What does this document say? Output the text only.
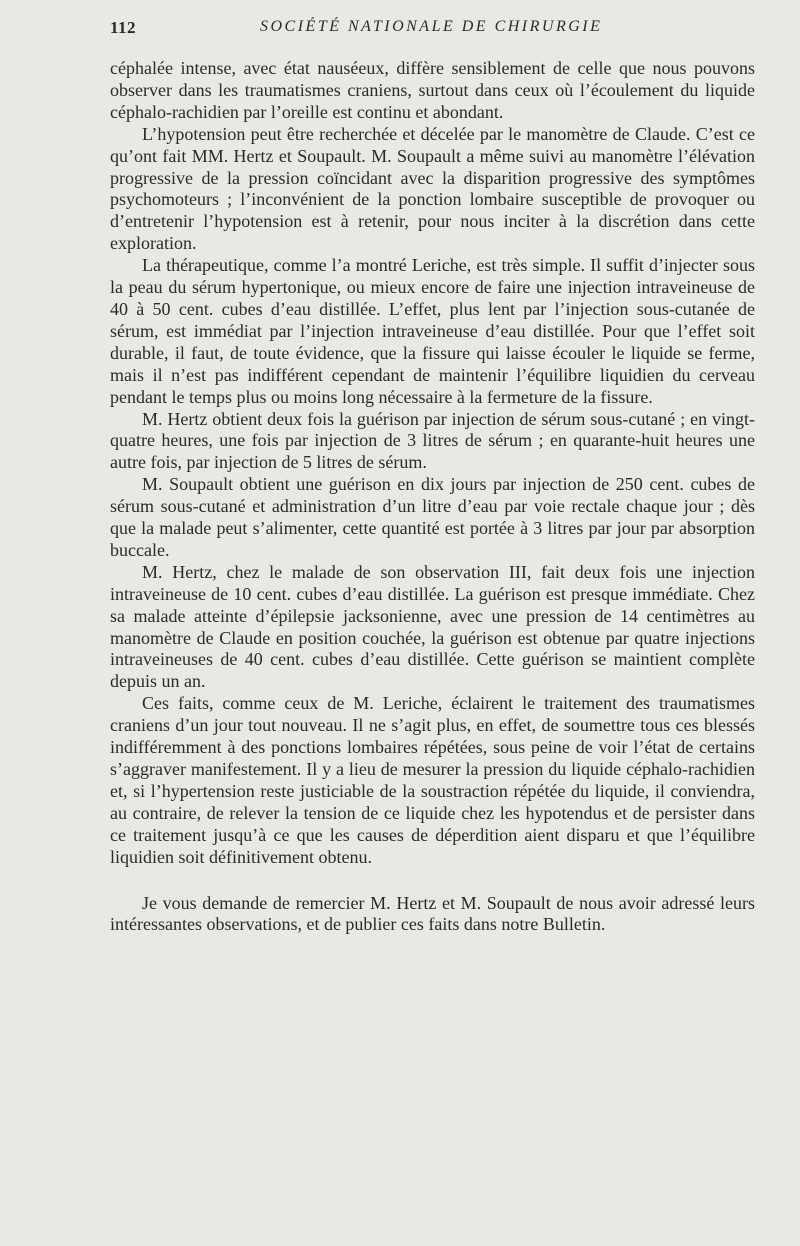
112	SOCIÉTÉ NATIONALE DE CHIRURGIE

céphalée intense, avec état nauséeux, diffère sensiblement de celle que nous pouvons observer dans les traumatismes craniens, surtout dans ceux où l’écoulement du liquide céphalo-rachidien par l’oreille est continu et abondant.

L’hypotension peut être recherchée et décelée par le manomètre de Claude. C’est ce qu’ont fait MM. Hertz et Soupault. M. Soupault a même suivi au manomètre l’élévation progressive de la pression coïncidant avec la disparition progressive des symptômes psychomoteurs ; l’inconvénient de la ponction lombaire susceptible de provoquer ou d’entretenir l’hypotension est à retenir, pour nous inciter à la discrétion dans cette exploration.

La thérapeutique, comme l’a montré Leriche, est très simple. Il suffit d’injecter sous la peau du sérum hypertonique, ou mieux encore de faire une injection intraveineuse de 40 à 50 cent. cubes d’eau distillée. L’effet, plus lent par l’injection sous-cutanée de sérum, est immédiat par l’injection intraveineuse d’eau distillée. Pour que l’effet soit durable, il faut, de toute évidence, que la fissure qui laisse écouler le liquide se ferme, mais il n’est pas indifférent cependant de maintenir l’équilibre liquidien du cerveau pendant le temps plus ou moins long nécessaire à la fermeture de la fissure.

M. Hertz obtient deux fois la guérison par injection de sérum sous-cutané ; en vingt-quatre heures, une fois par injection de 3 litres de sérum ; en quarante-huit heures une autre fois, par injection de 5 litres de sérum.

M. Soupault obtient une guérison en dix jours par injection de 250 cent. cubes de sérum sous-cutané et administration d’un litre d’eau par voie rectale chaque jour ; dès que la malade peut s’alimenter, cette quantité est portée à 3 litres par jour par absorption buccale.

M. Hertz, chez le malade de son observation III, fait deux fois une injection intraveineuse de 10 cent. cubes d’eau distillée. La guérison est presque immédiate. Chez sa malade atteinte d’épilepsie jacksonienne, avec une pression de 14 centimètres au manomètre de Claude en position couchée, la guérison est obtenue par quatre injections intraveineuses de 40 cent. cubes d’eau distillée. Cette guérison se maintient complète depuis un an.

Ces faits, comme ceux de M. Leriche, éclairent le traitement des traumatismes craniens d’un jour tout nouveau. Il ne s’agit plus, en effet, de soumettre tous ces blessés indifféremment à des ponctions lombaires répétées, sous peine de voir l’état de certains s’aggraver manifestement. Il y a lieu de mesurer la pression du liquide céphalo-rachidien et, si l’hypertension reste justiciable de la soustraction répétée du liquide, il conviendra, au contraire, de relever la tension de ce liquide chez les hypotendus et de persister dans ce traitement jusqu’à ce que les causes de déperdition aient disparu et que l’équilibre liquidien soit définitivement obtenu.

Je vous demande de remercier M. Hertz et M. Soupault de nous avoir adressé leurs intéressantes observations, et de publier ces faits dans notre Bulletin.
